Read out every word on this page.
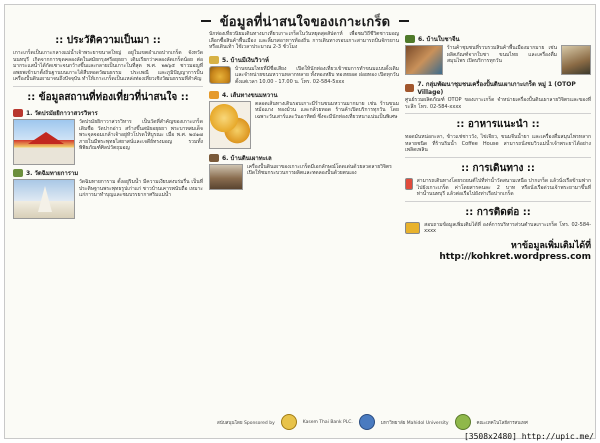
ข้อมูลที่น่าสนใจของเกาะเกร็ด
:: ประวัติความเป็นมา ::
เกาะเกร็ดเป็นเกาะกลางแม่น้ำเจ้าพระยาขนาดใหญ่ อยู่ในเขตอำเภอปากเกร็ด จังหวัดนนทบุรี เกิดจากการขุดคลองลัดในสมัยกรุงศรีอยุธยา เดิมเรียกว่าคลองลัดเกร็ดน้อย ต่อมากระแสน้ำได้กัดเซาะจนกว้างขึ้นและกลายเป็นเกาะในที่สุด พ.ศ. ๒๒๖๕ ชาวมอญที่อพยพเข้ามาตั้งถิ่นฐานบนเกาะได้สืบทอดวัฒนธรรม ประเพณี และภูมิปัญญาการปั้นเครื่องปั้นดินเผามาจนถึงปัจจุบัน ทำให้เกาะเกร็ดเป็นแหล่งท่องเที่ยวเชิงวัฒนธรรมที่สำคัญ
:: ข้อมูลสถานที่ท่องเที่ยวที่น่าสนใจ ::
1. วัดปรมัยยิกาวาสวรวิหาร
วัดปรมัยยิกาวาสวรวิหาร เป็นวัดที่สำคัญของเกาะเกร็ด เดิมชื่อ วัดปากอ่าว สร้างขึ้นสมัยอยุธยา พระบาทสมเด็จพระจุลจอมเกล้าเจ้าอยู่หัวโปรดให้บูรณะ เมื่อ พ.ศ. ๒๔๑๗ ภายในมีพระพุทธไสยาสน์และเจดีย์ทรงมอญ รวมทั้งพิพิธภัณฑ์ศิลปวัตถุมอญ
3. วัดฉิมทายการาม
วัดฉิมทายการาม ตั้งอยู่ริมน้ำ มีความเงียบสงบร่มรื่น เป็นที่ประดิษฐานพระพุทธรูปเก่าแก่ ชาวบ้านเคารพนับถือ เหมาะแก่การมาทำบุญและชมบรรยากาศริมแม่น้ำ
นักท่องเที่ยวนิยมเดินทางมาเที่ยวเกาะเกร็ดในวันหยุดสุดสัปดาห์ เพื่อชมวิถีชีวิตชาวมอญ เลือกซื้อสินค้าพื้นเมือง และลิ้มรสอาหารท้องถิ่น การเดินทางรอบเกาะสามารถปั่นจักรยานหรือเดินเท้า ใช้เวลาประมาณ 2-3 ชั่วโมง
5. บ้านมีเงินวิวาห์
บ้านขนมไทยที่มีชื่อเสียง เปิดให้นักท่องเที่ยวเข้าชมการทำขนมแบบดั้งเดิม และจำหน่ายขนมหวานหลากหลาย ทั้งทองหยิบ ทองหยอด ฝอยทอง เปิดทุกวันตั้งแต่เวลา 10.00 - 17.00 น. โทร. 02-584-5xxx
4. เส้นทางขนมหวาน
ตลอดเส้นทางเดินรอบเกาะมีร้านขนมหวานมากมาย เช่น ร้านขนมหม้อแกง ทองม้วน และกล้วยทอด ร้านค้าเปิดบริการทุกวัน โดยเฉพาะวันเสาร์และวันอาทิตย์ ซึ่งจะมีนักท่องเที่ยวหนาแน่นเป็นพิเศษ
6. บ้านดินเผาทะเล
เครื่องปั้นดินเผาของเกาะเกร็ดมีเอกลักษณ์โดดเด่นด้วยลวดลายวิจิตร เปิดให้ชมกระบวนการผลิตและทดลองปั้นด้วยตนเอง
6. บ้านใบชาจีน
ร้านค้าชุมชนที่รวบรวมสินค้าพื้นเมืองมากมาย เช่น ผลิตภัณฑ์จากใบชา ขนมไทย และเครื่องดื่มสมุนไพร เปิดบริการทุกวัน
7. กลุ่มพัฒนาชุมชนเครื่องปั้นดินเผาเกาะเกร็ด หมู่ 1 (OTOP Village)
ศูนย์รวมผลิตภัณฑ์ OTOP ของเกาะเกร็ด จำหน่ายเครื่องปั้นดินเผาลายวิจิตรและของที่ระลึก โทร. 02-584-xxxx
:: อาหารแนะนำ ::
ทอดมันหน่อกะลา, ข้าวแช่ชาววัง, ไข่เจียว, ขนมจีนน้ำยา และเครื่องดื่มสมุนไพรหลากหลายชนิด ที่ร้านริมน้ำ Coffee House สามารถนั่งชมวิวแม่น้ำเจ้าพระยาได้อย่างเพลิดเพลิน
:: การเดินทาง ::
สามารถเดินทางโดยรถยนต์ไปที่ท่าน้ำวัดสนามเหนือ ปากเกร็ด แล้วนั่งเรือข้ามฟากไปยังเกาะเกร็ด ค่าโดยสารคนละ 2 บาท หรือนั่งเรือด่วนเจ้าพระยามาขึ้นที่ท่าน้ำนนทบุรี แล้วต่อเรือไปยังท่าเรือปากเกร็ด
:: การติดต่อ ::
สอบถามข้อมูลเพิ่มเติมได้ที่ องค์การบริหารส่วนตำบลเกาะเกร็ด โทร. 02-584-xxxx
หาข้อมูลเพิ่มเติมได้ที่ http://kohkret.wordpress.com
สนับสนุนโดย Sponsored by	Kasem Thai Bank PLC.	มหาวิทยาลัย Mahidol University	คณะเทคโนโลยีสารสนเทศ
[3508x2480] http://upic.me/
